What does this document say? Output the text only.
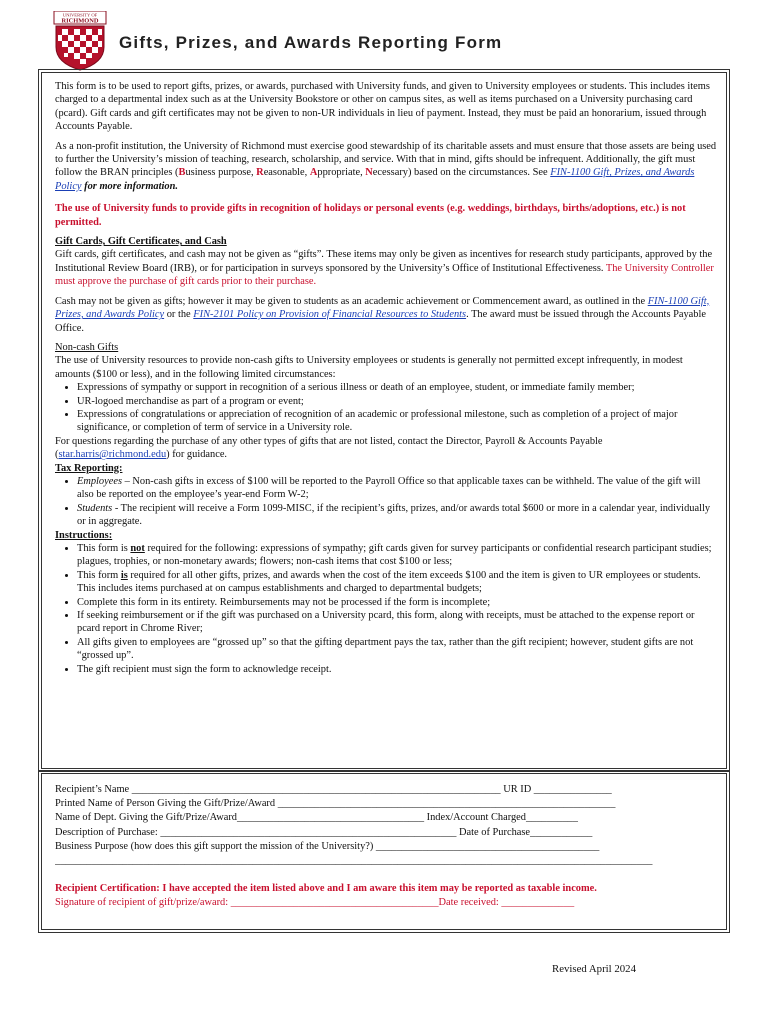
UNIVERSITY OF
RICHMOND
Gifts, Prizes, and Awards Reporting Form

This form is to be used to report gifts, prizes, or awards, purchased with University funds, and given to University employees or students. This includes items charged to a departmental index such as at the University Bookstore or other on campus sites, as well as items purchased on a University purchasing card (pcard). Gift cards and gift certificates may not be given to non-UR individuals in lieu of payment. Instead, they must be paid an honorarium, issued through Accounts Payable.

As a non-profit institution, the University of Richmond must exercise good stewardship of its charitable assets and must ensure that those assets are being used to further the University’s mission of teaching, research, scholarship, and service. With that in mind, gifts should be infrequent. Additionally, the gift must follow the BRAN principles (Business purpose, Reasonable, Appropriate, Necessary) based on the circumstances. See FIN-1100 Gift, Prizes, and Awards Policy for more information.

The use of University funds to provide gifts in recognition of holidays or personal events (e.g. weddings, birthdays, births/adoptions, etc.) is not permitted.

Gift Cards, Gift Certificates, and Cash

Gift cards, gift certificates, and cash may not be given as “gifts”. These items may only be given as incentives for research study participants, approved by the Institutional Review Board (IRB), or for participation in surveys sponsored by the University’s Office of Institutional Effectiveness. The University Controller must approve the purchase of gift cards prior to their purchase.

Cash may not be given as gifts; however it may be given to students as an academic achievement or Commencement award, as outlined in the FIN-1100 Gift, Prizes, and Awards Policy or the FIN-2101 Policy on Provision of Financial Resources to Students. The award must be issued through the Accounts Payable Office.

Non-cash Gifts
The use of University resources to provide non-cash gifts to University employees or students is generally not permitted except infrequently, in modest amounts ($100 or less), and in the following limited circumstances:
• Expressions of sympathy or support in recognition of a serious illness or death of an employee, student, or immediate family member;
• UR-logoed merchandise as part of a program or event;
• Expressions of congratulations or appreciation of recognition of an academic or professional milestone, such as completion of a project of major significance, or completion of term of service in a University role.
For questions regarding the purchase of any other types of gifts that are not listed, contact the Director, Payroll & Accounts Payable (star.harris@richmond.edu) for guidance.
Tax Reporting:
• Employees – Non-cash gifts in excess of $100 will be reported to the Payroll Office so that applicable taxes can be withheld. The value of the gift will also be reported on the employee’s year-end Form W-2;
• Students - The recipient will receive a Form 1099-MISC, if the recipient’s gifts, prizes, and/or awards total $600 or more in a calendar year, individually or in aggregate.
Instructions:
• This form is not required for the following: expressions of sympathy; gift cards given for survey participants or confidential research participant studies; plagues, trophies, or non-monetary awards; flowers; non-cash items that cost $100 or less;
• This form is required for all other gifts, prizes, and awards when the cost of the item exceeds $100 and the item is given to UR employees or students. This includes items purchased at on campus establishments and charged to departmental budgets;
• Complete this form in its entirety. Reimbursements may not be processed if the form is incomplete;
• If seeking reimbursement or if the gift was purchased on a University pcard, this form, along with receipts, must be attached to the expense report or pcard report in Chrome River;
• All gifts given to employees are “grossed up” so that the gifting department pays the tax, rather than the gift recipient; however, student gifts are not “grossed up”.
• The gift recipient must sign the form to acknowledge receipt.
Recipient’s Name _______________________________________________________________________ UR ID _______________
Printed Name of Person Giving the Gift/Prize/Award _________________________________________________________________
Name of Dept. Giving the Gift/Prize/Award____________________________________ Index/Account Charged__________
Description of Purchase: _________________________________________________________ Date of Purchase____________
Business Purpose (how does this gift support the mission of the University?) ___________________________________________
___________________________________________________________________________________________________________________
Recipient Certification: I have accepted the item listed above and I am aware this item may be reported as taxable income.
Signature of recipient of gift/prize/award: ________________________________________Date received: ______________
Revised April 2024
